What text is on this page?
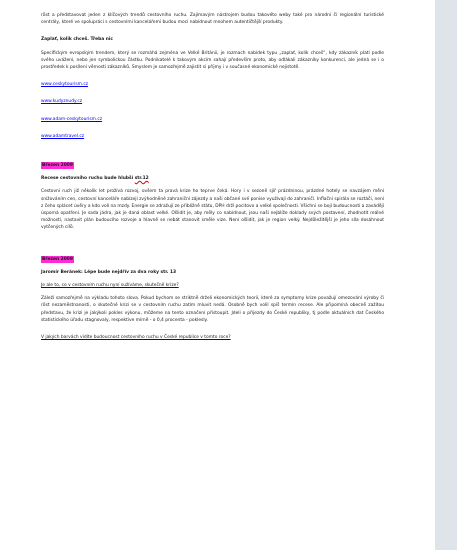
růst a představovat jeden z klíčových trendů cestovního ruchu. Zajímavým nástrojem budou takovéto weby také pro národní či regionální turistické centrály, které ve spolupráci s cestovními kancelářemi budou moci nabídnout mnohem autentičtější produkty.

Zaplať, kolik chceš. Třeba nic

Specifickým evropským trendem, který se rozmáhá zejména ve Velké Británii, je rozmach nabídek typu „zaplať, kolik chceš“, kdy zákazník platí podle svého uvážení, nebo jen symbolickou částku. Podnikatelé k takovým akcím sahají především proto, aby odlákali zákazníky konkurenci, ale jedná se i o prostředek k posílení věrnosti zákazníků. Smyslem je samozřejmě zajistit si příjmy i v současné ekonomické nejistotě.

www.ceskytourism.cz
www.kudyznudy.cz
www.adam-ceskytourism.cz
www.adamtravel.cz
Březen 2009

Recese cestovního ruchu bude hlubší str.12

Cestovní ruch již několik let prožívá rozvoj, ovšem ta pravá krize ho teprve čeká. Hory i v sezoně sjíř prázdninou, prázdné hotely se navzájem mění snižováním cen, cestovní kanceláře nabízejí zvýhodněné zahraniční zájezdy a naši občané své ponise využívají do zahraničí. Inflační spirála se roztáčí, není z čeho splácet úvěry a kdo volí na mzdy. Energie se zdražují ze přibližně státu, DPH drží pocitovo a velké společnosti. Všichni se bojí budoucnosti a zavádějí úsporná opatření. Je sada jádra, jak je daná oblast velké. Ošlidit je, aby měly co nabídnout, jsou naši nejblíže doklady svých postavení, zhodnotit reálné možnosti, nastavit plán budoucího rozvoje a hlavně se nebát stanovit směle vize. Není ošlidit, jak je region velký. Nejdůležitější je jeho síla dosáhnout vytčených cílů.

Březen 2009

Jaromír Beránek: Lépe bude nejdřív za dva roky str. 13

Je ale to, co v cestovním ruchu nyní sužíváme, skutečně krize?

Záleží samozřejmě na výkladu tohoto slova. Pokud bychom se striktně drželi ekonomických teorií, které za symptomy krize považují omezování výroby či růst nezaměstnanosti, o skutečné krizi se v cestovním ruchu zatím mluvit nedá. Osobně bych volil spíš termín recese. Ale připomíná obecně zažitou představu, že krizi je jakýkoli pokles výkonu, můžeme na tento označení přistoupit. Jdeli o příjezdy do České republiky, tj podle aktuálních dat Českého statistického úřadu stagnovaly, respektive mírně - o 0,4 procenta - poklesly.

V jakých barvách vidíte budoucnost cestovního ruchu v České republice v tomto roce?
